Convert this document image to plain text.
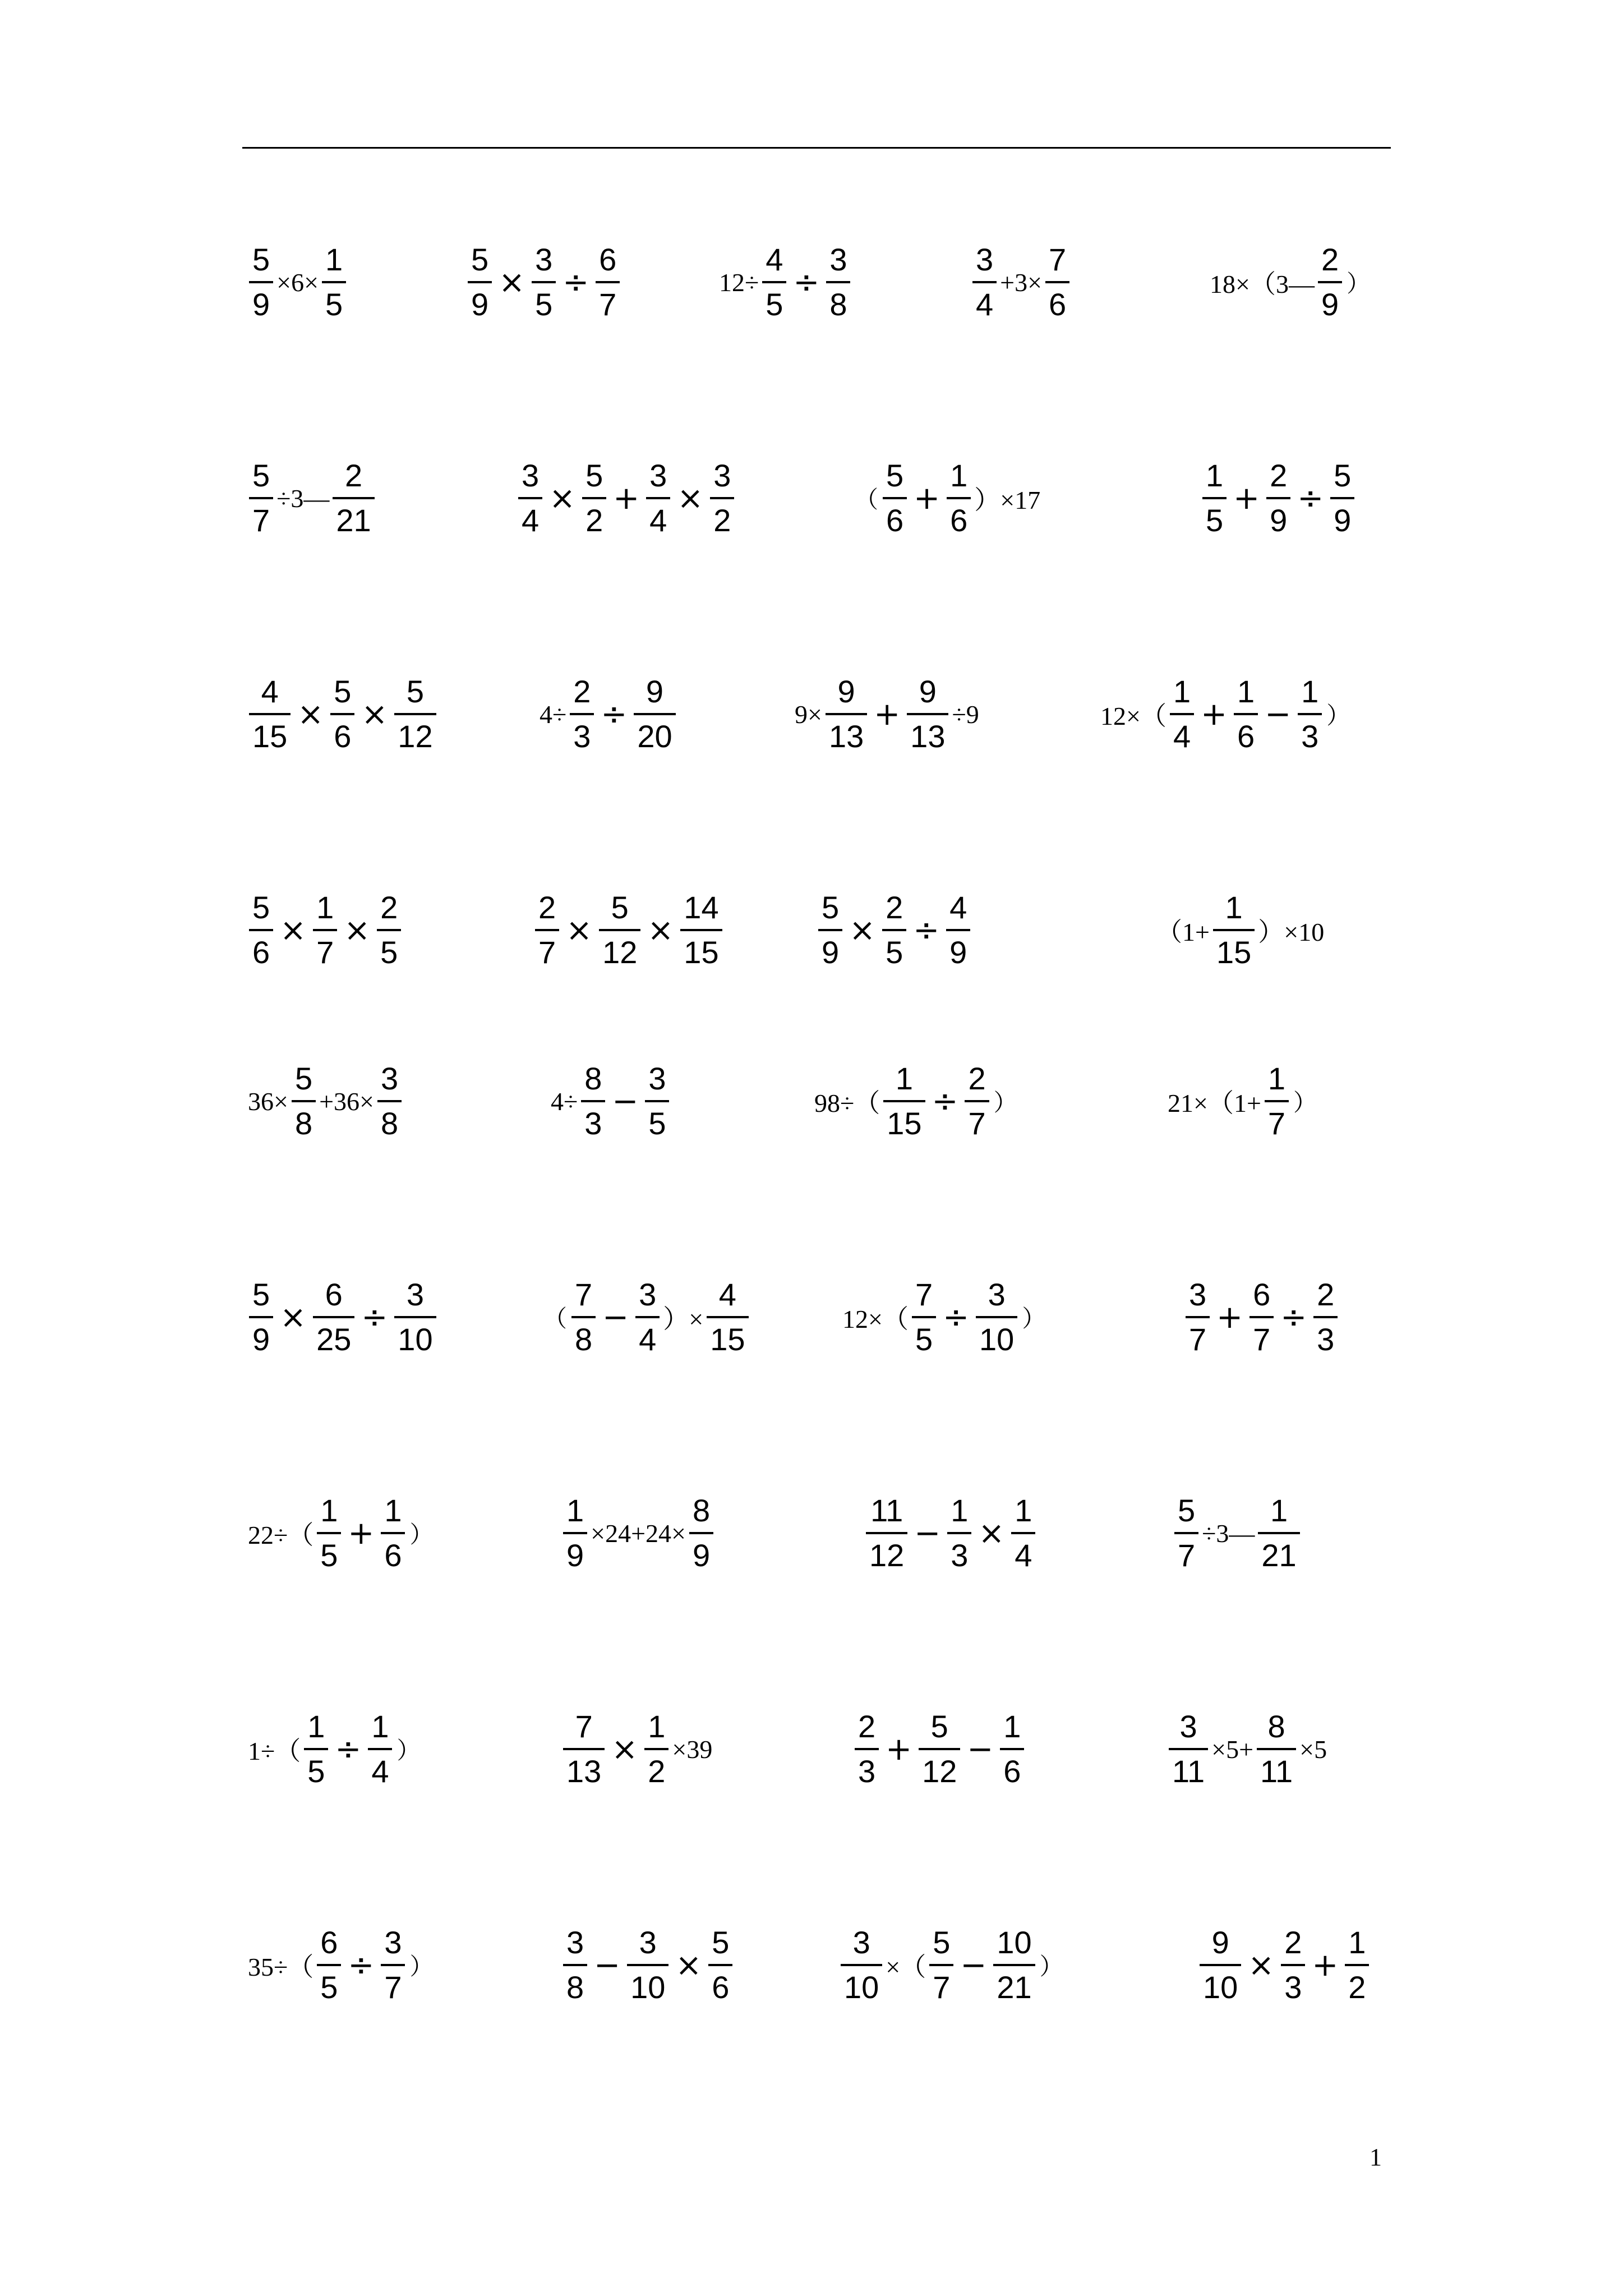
$\frac{5}{9} \times 6\times \frac{1}{5}$	$\frac{5}{9} \times \frac{3}{5} \div \frac{6}{7}$	$12\div \frac{4}{5} \div \frac{3}{8}$	$\frac{3}{4} +3\times \frac{7}{6}$	18×（3— $\frac{2}{9}$ ）
$\frac{5}{7}$ ÷3— $\frac{2}{21}$	$\frac{3}{4} \times \frac{5}{2} + \frac{3}{4} \times \frac{3}{2}$	（ $\frac{5}{6} + \frac{1}{6} )\times 17$	$\frac{1}{5} + \frac{2}{9} \div \frac{5}{9}$
$\frac{4}{15} \times \frac{5}{6} \times \frac{5}{12}$	$4\div \frac{2}{3} \div \frac{9}{20}$	$9\times \frac{9}{13} + \frac{9}{13} \div 9$	$12\times( \frac{1}{4} + \frac{1}{6} - \frac{1}{3}$ ）
$\frac{5}{6} \times \frac{1}{7} \times \frac{2}{5}$	$\frac{2}{7} \times \frac{5}{12} \times \frac{14}{15}$	$\frac{5}{9} \times \frac{2}{5} \div \frac{4}{9}$	$(1+ \frac{1}{15} )\times 10$
$36\times \frac{5}{8} +36\times \frac{3}{8}$	$4\div \frac{8}{3} - \frac{3}{5}$	$98\div( \frac{1}{15} \div \frac{2}{7}$ ）	$21\times(1+ \frac{1}{7}$ ）
$\frac{5}{9} \times \frac{6}{25} \div \frac{3}{10}$	（ $\frac{7}{8} - \frac{3}{4}$ ）× $\frac{4}{15}$	$12\times( \frac{7}{5} \div \frac{3}{10}$ ）	$\frac{3}{7} + \frac{6}{7} \div \frac{2}{3}$
$22\div( \frac{1}{5} + \frac{1}{6}$ ）	$\frac{1}{9} \times 24+24\times \frac{8}{9}$	$\frac{11}{12} - \frac{1}{3} \times \frac{1}{4}$	$\frac{5}{7}$ ÷3— $\frac{1}{21}$
$1\div( \frac{1}{5} \div \frac{1}{4}$ ）	$\frac{7}{13} \times \frac{1}{2} \times 39$	$\frac{2}{3} + \frac{5}{12} - \frac{1}{6}$	$\frac{3}{11} \times 5+ \frac{8}{11} \times 5$
$35\div( \frac{6}{5} \div \frac{3}{7}$ ）	$\frac{3}{8} - \frac{3}{10} \times \frac{5}{6}$	$\frac{3}{10}$ ×（ $\frac{5}{7} - \frac{10}{21}$ ）	$\frac{9}{10} \times \frac{2}{3} + \frac{1}{2}$
1
